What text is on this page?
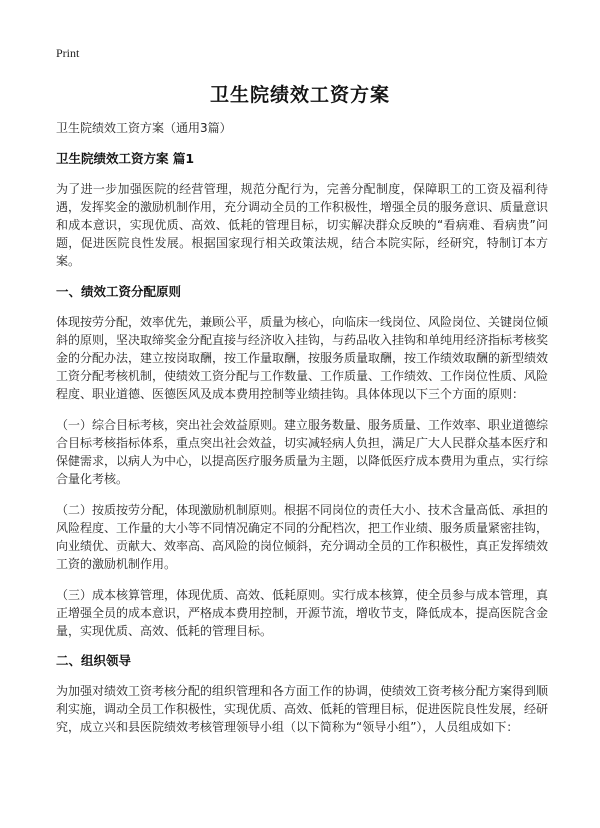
Print
卫生院绩效工资方案
卫生院绩效工资方案（通用3篇）
卫生院绩效工资方案 篇1
为了进一步加强医院的经营管理，规范分配行为，完善分配制度，保障职工的工资及福利待遇，发挥奖金的激励机制作用，充分调动全员的工作积极性，增强全员的服务意识、质量意识和成本意识，实现优质、高效、低耗的管理目标，切实解决群众反映的“看病难、看病贵”问题，促进医院良性发展。根据国家现行相关政策法规，结合本院实际，经研究，特制订本方案。
一、绩效工资分配原则
体现按劳分配，效率优先，兼顾公平，质量为核心，向临床一线岗位、风险岗位、关键岗位倾斜的原则，坚决取缔奖金分配直接与经济收入挂钩，与药品收入挂钩和单纯用经济指标考核奖金的分配办法，建立按岗取酬，按工作量取酬，按服务质量取酬，按工作绩效取酬的新型绩效工资分配考核机制，使绩效工资分配与工作数量、工作质量、工作绩效、工作岗位性质、风险程度、职业道德、医德医风及成本费用控制等业绩挂钩。具体体现以下三个方面的原则：
（一）综合目标考核，突出社会效益原则。建立服务数量、服务质量、工作效率、职业道德综合目标考核指标体系，重点突出社会效益，切实减轻病人负担，满足广大人民群众基本医疗和保健需求，以病人为中心，以提高医疗服务质量为主题，以降低医疗成本费用为重点，实行综合量化考核。
（二）按质按劳分配，体现激励机制原则。根据不同岗位的责任大小、技术含量高低、承担的风险程度、工作量的大小等不同情况确定不同的分配档次，把工作业绩、服务质量紧密挂钩，向业绩优、贡献大、效率高、高风险的岗位倾斜，充分调动全员的工作积极性，真正发挥绩效工资的激励机制作用。
（三）成本核算管理，体现优质、高效、低耗原则。实行成本核算，使全员参与成本管理，真正增强全员的成本意识，严格成本费用控制，开源节流，增收节支，降低成本，提高医院含金量，实现优质、高效、低耗的管理目标。
二、组织领导
为加强对绩效工资考核分配的组织管理和各方面工作的协调，使绩效工资考核分配方案得到顺利实施，调动全员工作积极性，实现优质、高效、低耗的管理目标，促进医院良性发展，经研究，成立兴和县医院绩效考核管理领导小组（以下简称为“领导小组”），人员组成如下：
